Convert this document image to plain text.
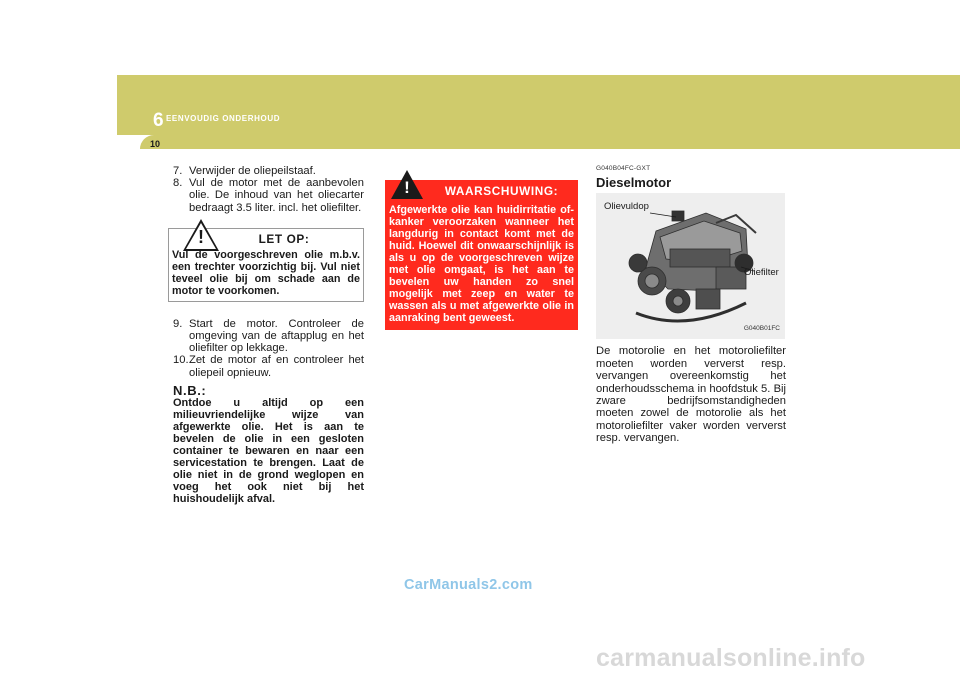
6 EENVOUDIG ONDERHOUD
10
7. Verwijder de oliepeilstaaf.
8. Vul de motor met de aanbevolen olie. De inhoud van het oliecarter bedraagt 3.5 liter. incl. het oliefilter.
!	LET OP:
Vul de voorgeschreven olie m.b.v. een trechter voorzichtig bij. Vul niet teveel olie bij om schade aan de motor te voorkomen.
9. Start de motor. Controleer de omgeving van de aftapplug en het oliefilter op lekkage.
10. Zet de motor af en controleer het oliepeil opnieuw.
N.B.:
Ontdoe u altijd op een milieuvriendelijke wijze van afgewerkte olie. Het is aan te bevelen de olie in een gesloten container te bewaren en naar een servicestation te brengen. Laat de olie niet in de grond weglopen en voeg het ook niet bij het huishoudelijk afval.
!	WAARSCHUWING:
Afgewerkte olie kan huidirritatie of-kanker veroorzaken wanneer het langdurig in contact komt met de huid. Hoewel dit onwaarschijnlijk is als u op de voorgeschreven wijze met olie omgaat, is het aan te bevelen uw handen zo snel mogelijk met zeep en water te wassen als u met afgewerkte olie in aanraking bent geweest.
G040B04FC-GXT
Dieselmotor
Olievuldop
Oliefilter
G040B01FC
De motorolie en het motoroliefilter moeten worden ververst resp. vervangen overeenkomstig het onderhoudsschema in hoofdstuk 5. Bij zware bedrijfsomstandigheden moeten zowel de motorolie als het motoroliefilter vaker worden ververst resp. vervangen.
CarManuals2.com
carmanualsonline.info
